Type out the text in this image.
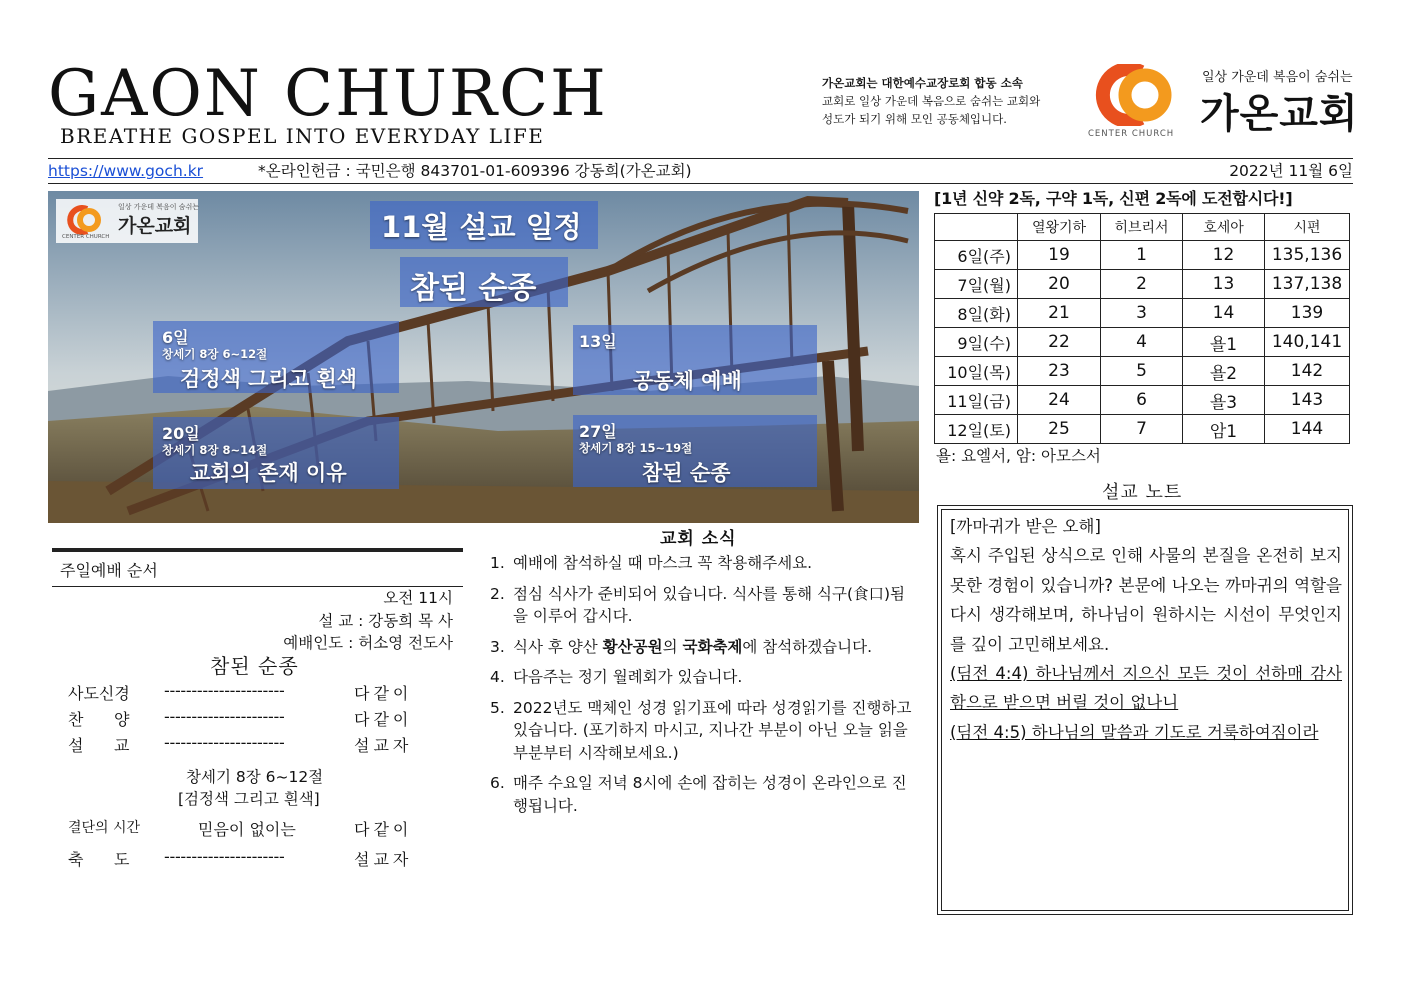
GAON CHURCH
BREATHE GOSPEL INTO EVERYDAY LIFE
가온교회는 대한예수교장로회 합동 소속
교회로 일상 가운데 복음으로 숨쉬는 교회와
성도가 되기 위해 모인 공동체입니다.
일상 가운데 복음이 숨쉬는
가온교회
CENTER CHURCH
https://www.goch.kr	*온라인헌금 : 국민은행 843701-01-609396 강동희(가온교회)	2022년 11월 6일
일상 가운데 복음이 숨쉬는
가온교회
CENTER CHURCH	11월 설교 일정
참된 순종
6일
창세기 8장 6~12절
검정색 그리고 흰색
13일
공동체 예배
20일
창세기 8장 8~14절
교회의 존재 이유
27일
창세기 8장 15~19절
참된 순종
[1년 신약 2독, 구약 1독, 신편 2독에 도전합시다!]
	열왕기하	히브리서	호세아	시편
6일(주)	19	1	12	135,136
7일(월)	20	2	13	137,138
8일(화)	21	3	14	139
9일(수)	22	4	욜1	140,141
10일(목)	23	5	욜2	142
11일(금)	24	6	욜3	143
12일(토)	25	7	암1	144
욜: 요엘서, 암: 아모스서
설교 노트
[까마귀가 받은 오해]
혹시 주입된 상식으로 인해 사물의 본질을 온전히 보지 못한 경험이 있습니까? 본문에 나오는 까마귀의 역할을 다시 생각해보며, 하나님이 원하시는 시선이 무엇인지를 깊이 고민해보세요.
(딤전 4:4) 하나님께서 지으신 모든 것이 선하매 감사함으로 받으면 버릴 것이 없나니
(딤전 4:5) 하나님의 말씀과 기도로 거룩하여짐이라
교회 소식
1. 예배에 참석하실 때 마스크 꼭 착용해주세요.
2. 점심 식사가 준비되어 있습니다. 식사를 통해 식구(食口)됨을 이루어 갑시다.
3. 식사 후 양산 황산공원의 국화축제에 참석하겠습니다.
4. 다음주는 정기 월례회가 있습니다.
5. 2022년도 맥체인 성경 읽기표에 따라 성경읽기를 진행하고 있습니다. (포기하지 마시고, 지나간 부분이 아닌 오늘 읽을 부분부터 시작해보세요.)
6. 매주 수요일 저녁 8시에 손에 잡히는 성경이 온라인으로 진행됩니다.
주일예배 순서
오전 11시
설 교 : 강동희 목 사
예배인도 : 허소영 전도사
참된 순종
사도신경 ----------------------	다같이
찬      양 ----------------------	다같이
설      교 ----------------------	설교자
창세기 8장 6~12절
[검정색 그리고 흰색]
결단의 시간	믿음이 없이는	다같이
축      도 ----------------------	설교자
